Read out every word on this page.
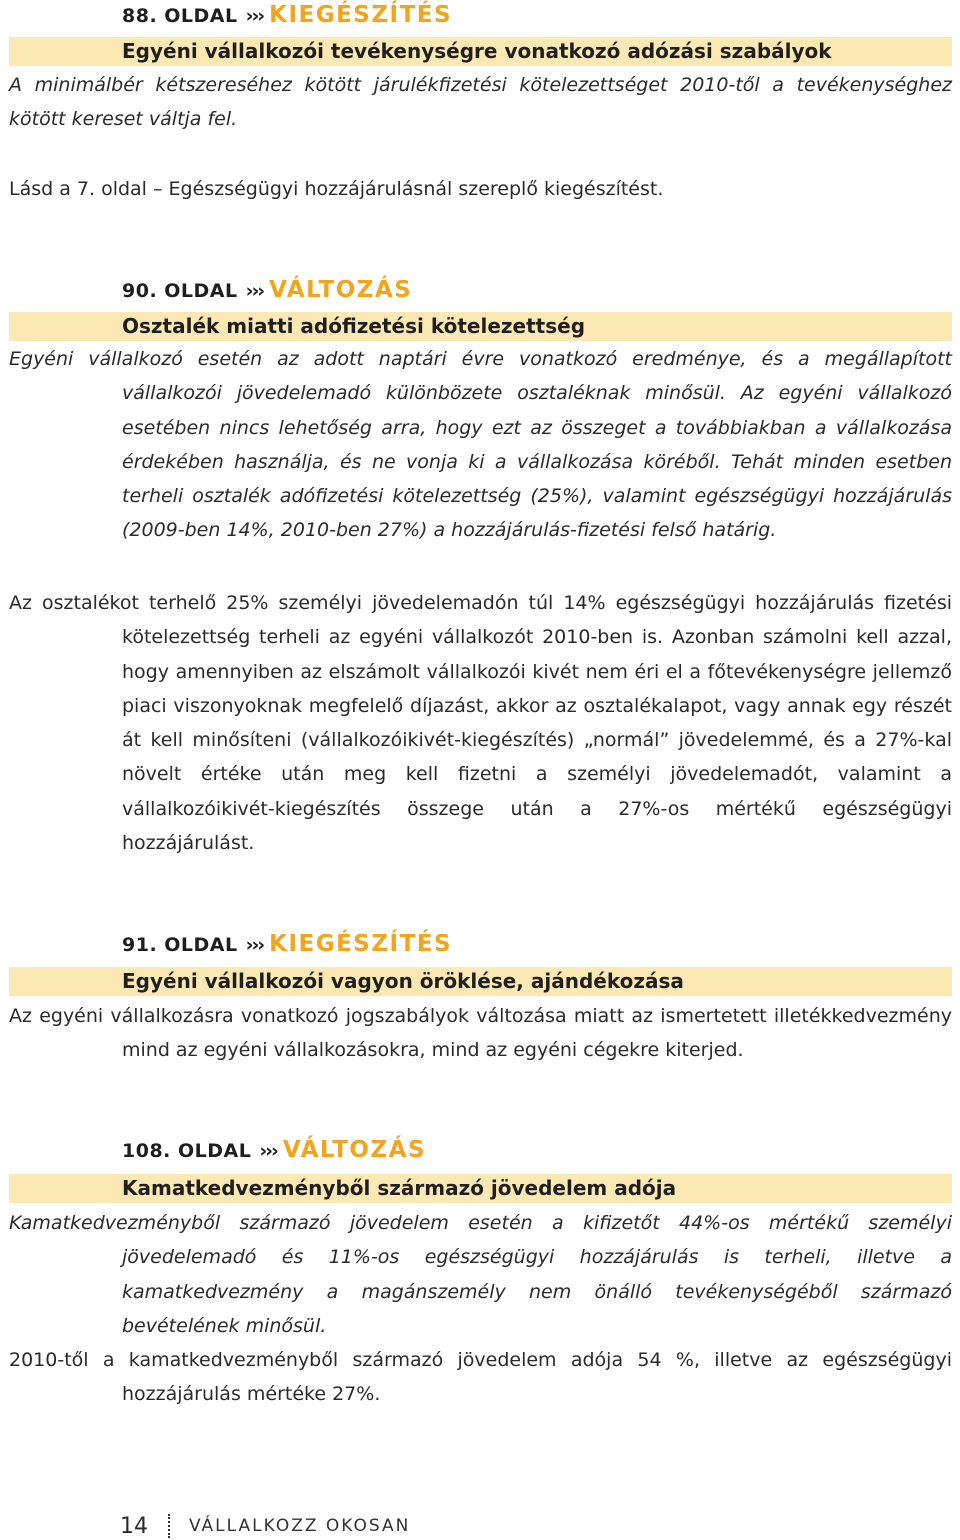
88. OLDAL ››› KIEGÉSZÍTÉS
Egyéni vállalkozói tevékenységre vonatkozó adózási szabályok
A minimálbér kétszereséhez kötött járulékfizetési kötelezettséget 2010-től a tevékenységhez kötött kereset váltja fel.
Lásd a 7. oldal – Egészségügyi hozzájárulásnál szereplő kiegészítést.
90. OLDAL ››› VÁLTOZÁS
Osztalék miatti adófizetési kötelezettség
Egyéni vállalkozó esetén az adott naptári évre vonatkozó eredménye, és a megállapított vállalkozói jövedelemadó különbözete osztaléknak minősül. Az egyéni vállalkozó esetében nincs lehetőség arra, hogy ezt az összeget a továbbiakban a vállalkozása érdekében használja, és ne vonja ki a vállalkozása köréből. Tehát minden esetben terheli osztalék adófizetési kötelezettség (25%), valamint egészségügyi hozzájárulás (2009-ben 14%, 2010-ben 27%) a hozzájárulás-fizetési felső határig.
Az osztalékot terhelő 25% személyi jövedelemadón túl 14% egészségügyi hozzájárulás fizetési kötelezettség terheli az egyéni vállalkozót 2010-ben is. Azonban számolni kell azzal, hogy amennyiben az elszámolt vállalkozói kivét nem éri el a főtevékenységre jellemző piaci viszonyoknak megfelelő díjazást, akkor az osztalékalapot, vagy annak egy részét át kell minősíteni (vállalkozóikivét-kiegészítés) „normál” jövedelemmé, és a 27%-kal növelt értéke után meg kell fizetni a személyi jövedelemadót, valamint a vállalkozóikivét-kiegészítés összege után a 27%-os mértékű egészségügyi hozzájárulást.
91. OLDAL ››› KIEGÉSZÍTÉS
Egyéni vállalkozói vagyon öröklése, ajándékozása
Az egyéni vállalkozásra vonatkozó jogszabályok változása miatt az ismertetett illetékkedvezmény mind az egyéni vállalkozásokra, mind az egyéni cégekre kiterjed.
108. OLDAL ››› VÁLTOZÁS
Kamatkedvezményből származó jövedelem adója
Kamatkedvezményből származó jövedelem esetén a kifizetőt 44%-os mértékű személyi jövedelemadó és 11%-os egészségügyi hozzájárulás is terheli, illetve a kamatkedvezmény a magánszemély nem önálló tevékenységéből származó bevételének minősül.
2010-től a kamatkedvezményből származó jövedelem adója 54 %, illetve az egészségügyi hozzájárulás mértéke 27%.
14 VÁLLALKOZZ OKOSAN
